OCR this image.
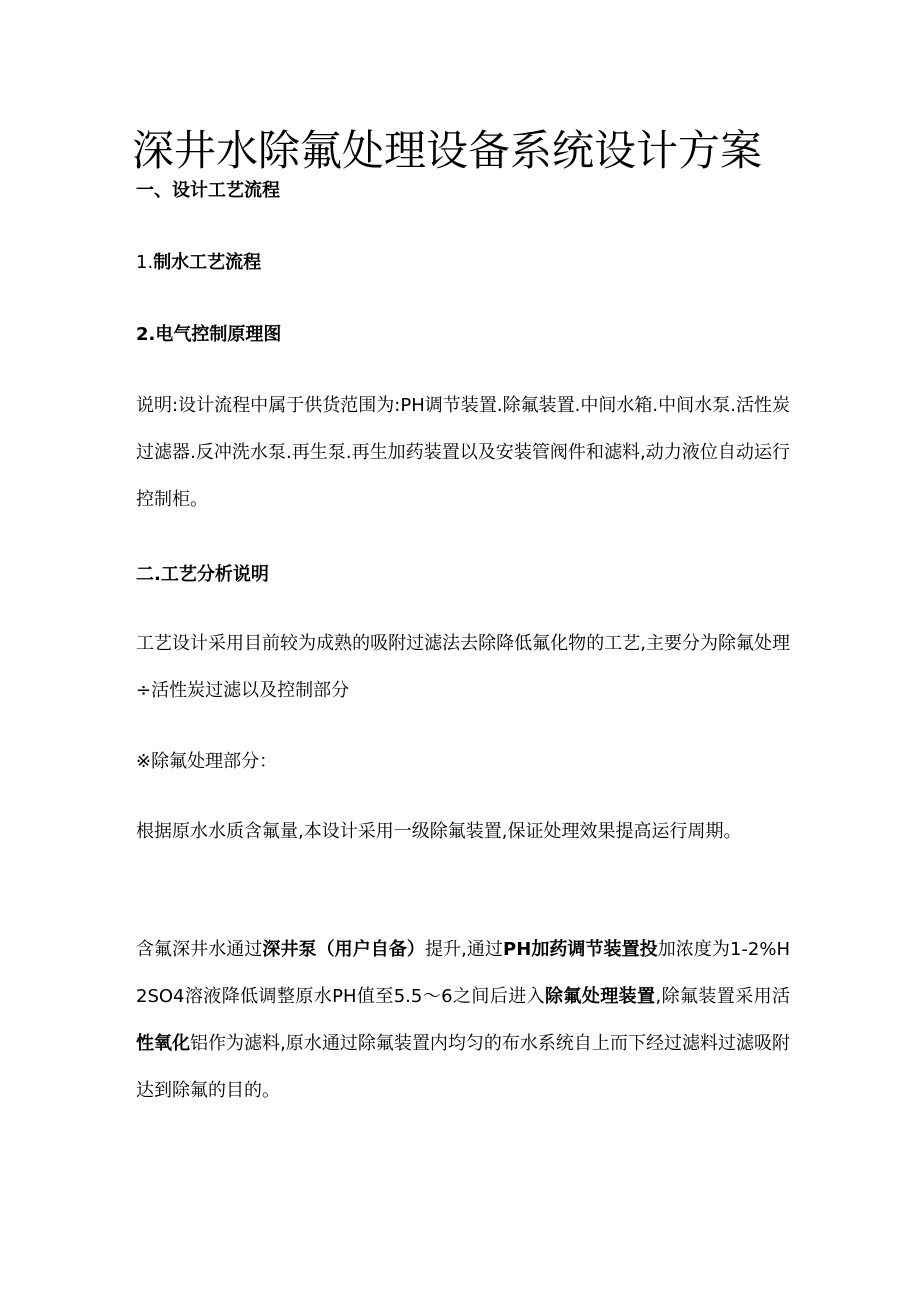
深井水除氟处理设备系统设计方案
一、设计工艺流程
1.制水工艺流程
2.电气控制原理图
说明:设计流程中属于供货范围为:PH调节装置.除氟装置.中间水箱.中间水泵.活性炭过滤器.反冲洗水泵.再生泵.再生加药装置以及安装管阀件和滤料,动力液位自动运行控制柜。
二.工艺分析说明
工艺设计采用目前较为成熟的吸附过滤法去除降低氟化物的工艺,主要分为除氟处理÷活性炭过滤以及控制部分
※除氟处理部分：
根据原水水质含氟量,本设计采用一级除氟装置,保证处理效果提高运行周期。
含氟深井水通过深井泵（用户自备）提升,通过PH加药调节装置投加浓度为1-2%H2SO4溶液降低调整原水PH值至5.5～6之间后进入除氟处理装置,除氟装置采用活性氧化铝作为滤料,原水通过除氟装置内均匀的布水系统自上而下经过滤料过滤吸附达到除氟的目的。
